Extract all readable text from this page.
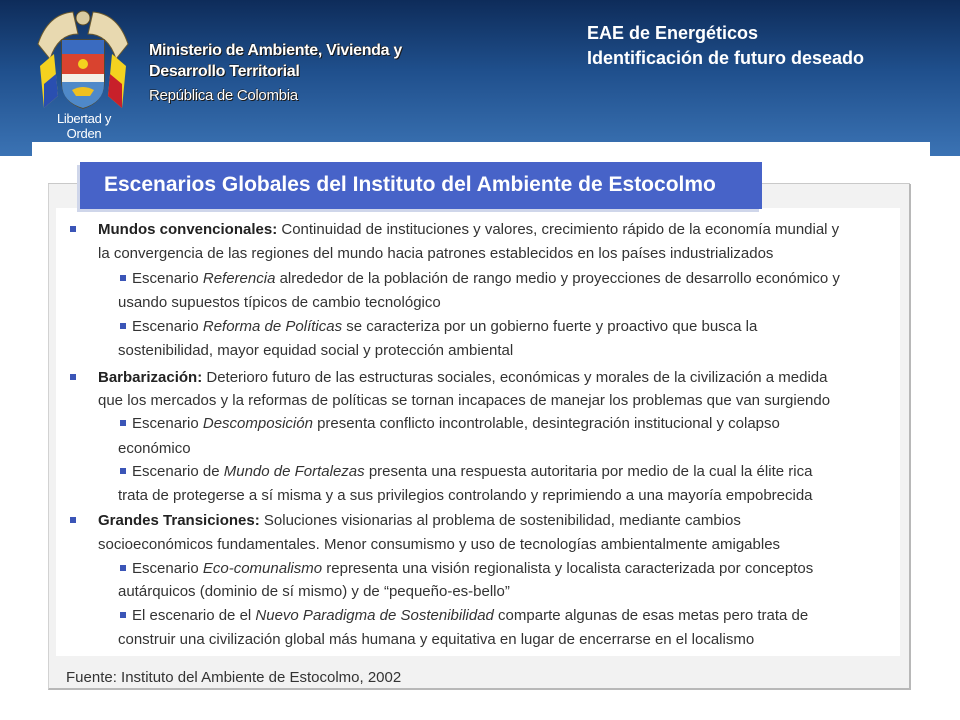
Libertad y Orden
Ministerio de Ambiente, Vivienda y
Desarrollo Territorial
República de Colombia
EAE de Energéticos
Identificación de futuro deseado
Escenarios Globales del Instituto del Ambiente de Estocolmo
Mundos convencionales: Continuidad de instituciones y valores, crecimiento rápido de la economía mundial y
la convergencia de las regiones del mundo hacia patrones establecidos en los países industrializados
Escenario Referencia alrededor de la población de rango medio y proyecciones de desarrollo económico y
usando supuestos típicos de cambio tecnológico
Escenario Reforma de Políticas se caracteriza por un gobierno fuerte y proactivo que busca la
sostenibilidad, mayor equidad social y protección ambiental
Barbarización: Deterioro futuro de las estructuras sociales, económicas y morales de la civilización a medida
que los mercados y la reformas de políticas se tornan incapaces de manejar los problemas que van surgiendo
Escenario Descomposición presenta conflicto incontrolable, desintegración institucional y colapso
económico
Escenario de Mundo de Fortalezas presenta una respuesta autoritaria por medio de la cual la élite rica
trata de protegerse a sí misma y a sus privilegios controlando y reprimiendo a una mayoría empobrecida
Grandes Transiciones: Soluciones visionarias al problema de sostenibilidad, mediante cambios
socioeconómicos fundamentales. Menor consumismo y uso de tecnologías ambientalmente amigables
Escenario Eco-comunalismo representa una visión regionalista y localista caracterizada por conceptos
autárquicos (dominio de sí mismo) y de “pequeño-es-bello”
El escenario de el Nuevo Paradigma de Sostenibilidad comparte algunas de esas metas pero trata de
construir una civilización global más humana y equitativa en lugar de encerrarse en el localismo
Fuente: Instituto del Ambiente de Estocolmo, 2002
